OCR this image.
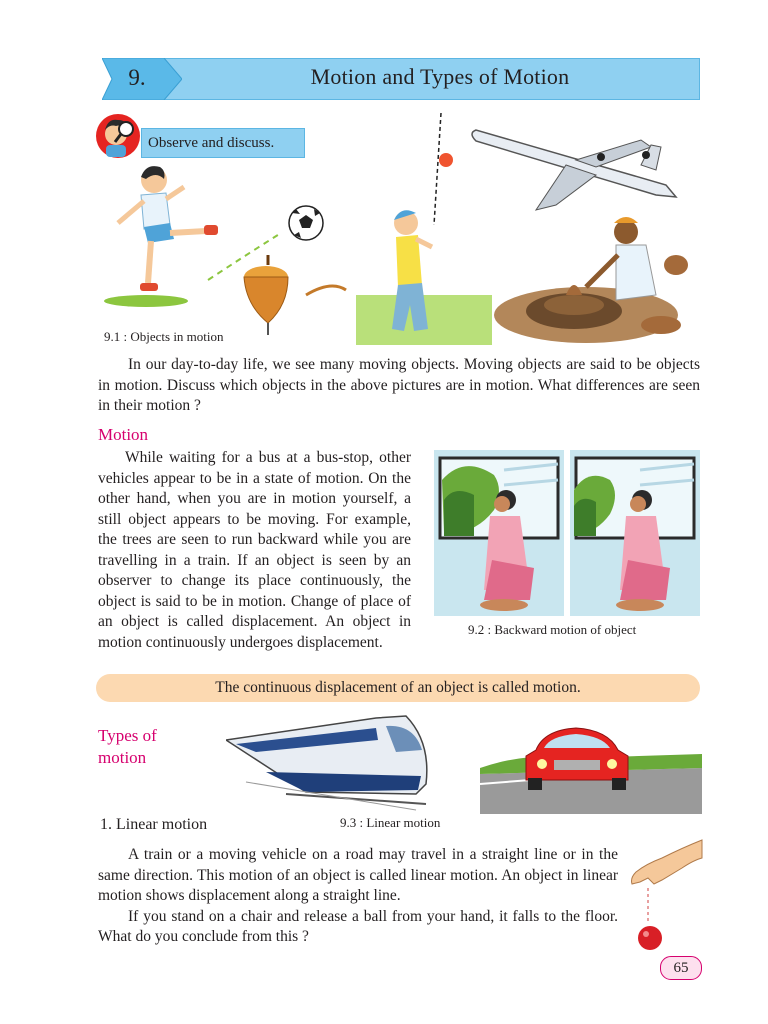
9.	Motion and Types of Motion
Observe and discuss.
9.1 : Objects in motion

In our day-to-day life, we see many moving objects. Moving objects are said to be objects in motion. Discuss which objects in the above pictures are in motion. What differences are seen in their motion ?

Motion

While waiting for a bus at a bus-stop, other vehicles appear to be in a state of motion. On the other hand, when you are in motion yourself, a still object appears to be moving. For example, the trees are seen to run backward while you are travelling in a train. If an object is seen by an observer to change its place continuously, the object is said to be in motion. Change of place of an object is called displacement. An object in motion continuously undergoes displacement.

9.2 : Backward motion of object
The continuous displacement of an object is called motion.
Types of motion
9.3 : Linear motion
1. Linear motion

A train or a moving vehicle on a road may travel in a straight line or in the same direction. This motion of an object is called linear motion. An object in linear motion shows displacement along a straight line.

If you stand on a chair and release a ball from your hand, it falls to the floor. What do you conclude from this ?

65
